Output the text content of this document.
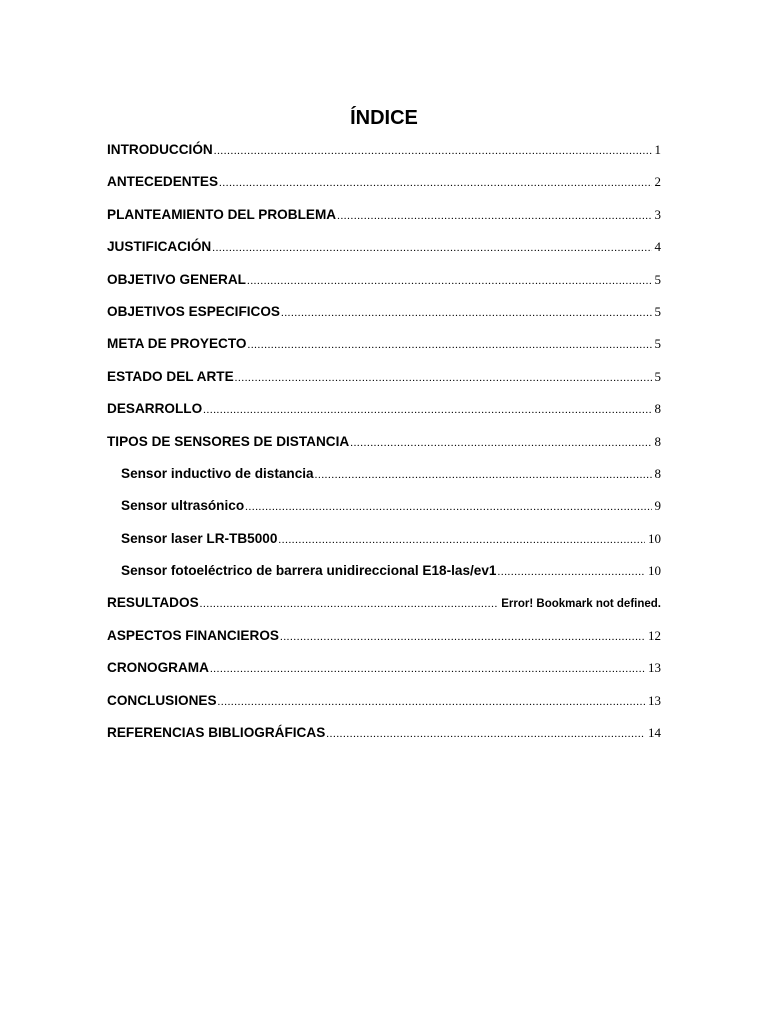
ÍNDICE
INTRODUCCIÓN .....	1
ANTECEDENTES .....	2
PLANTEAMIENTO DEL PROBLEMA .....	3
JUSTIFICACIÓN .....	4
OBJETIVO GENERAL .....	5
OBJETIVOS ESPECIFICOS .....	5
META DE PROYECTO .....	5
ESTADO DEL ARTE .....	5
DESARROLLO .....	8
TIPOS DE SENSORES DE DISTANCIA .....	8
Sensor inductivo de distancia .....	8
Sensor ultrasónico .....	9
Sensor laser LR-TB5000 .....	10
Sensor fotoeléctrico de barrera unidireccional E18-las/ev1 .....	10
RESULTADOS .....	Error! Bookmark not defined.
ASPECTOS FINANCIEROS .....	12
CRONOGRAMA .....	13
CONCLUSIONES .....	13
REFERENCIAS BIBLIOGRÁFICAS .....	14
